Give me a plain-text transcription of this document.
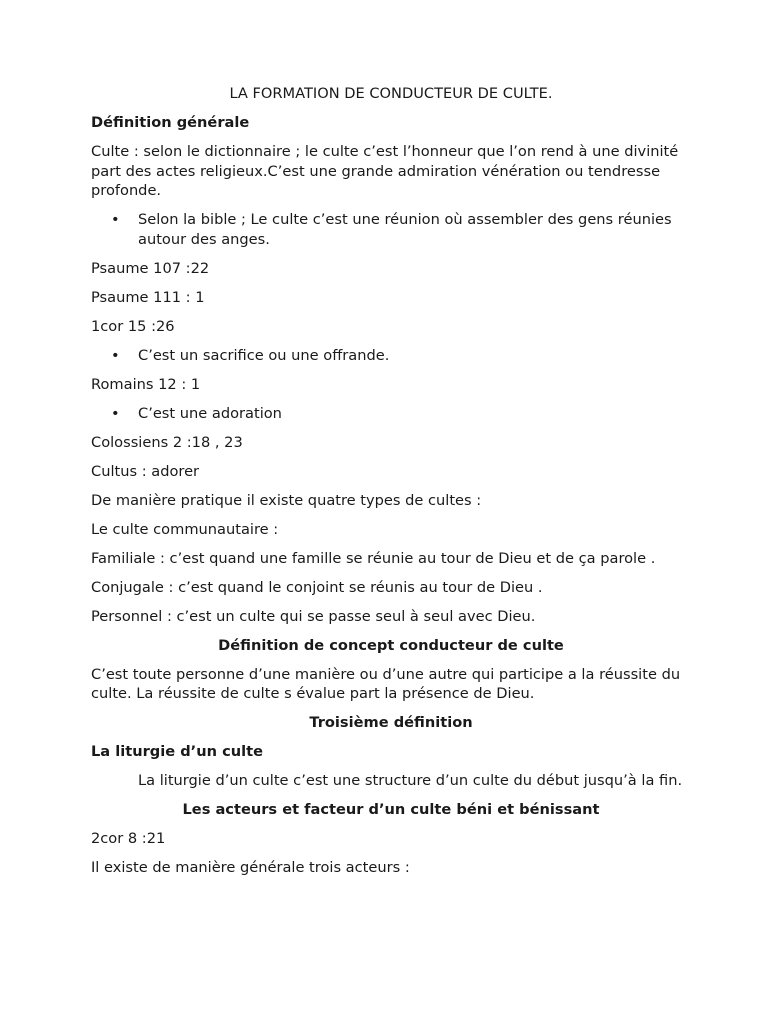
LA FORMATION DE CONDUCTEUR DE CULTE.

Définition générale

Culte : selon le dictionnaire ; le culte c’est l’honneur que l’on rend à une divinité part des actes religieux.C’est une grande admiration vénération ou tendresse profonde.

• Selon la bible ; Le culte c’est une réunion où assembler des gens réunies autour des anges.

Psaume 107 :22

Psaume 111 : 1

1cor 15 :26

• C’est un sacrifice ou une offrande.

Romains 12 : 1

• C’est une adoration

Colossiens 2 :18 , 23

Cultus : adorer

De manière pratique il existe quatre types de cultes :

Le culte communautaire :

Familiale : c’est quand une famille se réunie au tour de Dieu et de ça parole .

Conjugale : c’est quand le conjoint se réunis au tour de Dieu .

Personnel : c’est un culte qui se passe seul à seul avec Dieu.

Définition de concept conducteur de culte

C’est toute personne d’une manière ou d’une autre qui participe a la réussite du culte. La réussite de culte s évalue part la présence de Dieu.

Troisième définition

La liturgie d’un culte

La liturgie d’un culte c’est une structure d’un culte du début jusqu’à la fin.

Les acteurs et facteur d’un culte béni et bénissant

2cor 8 :21

Il existe de manière générale trois acteurs :
